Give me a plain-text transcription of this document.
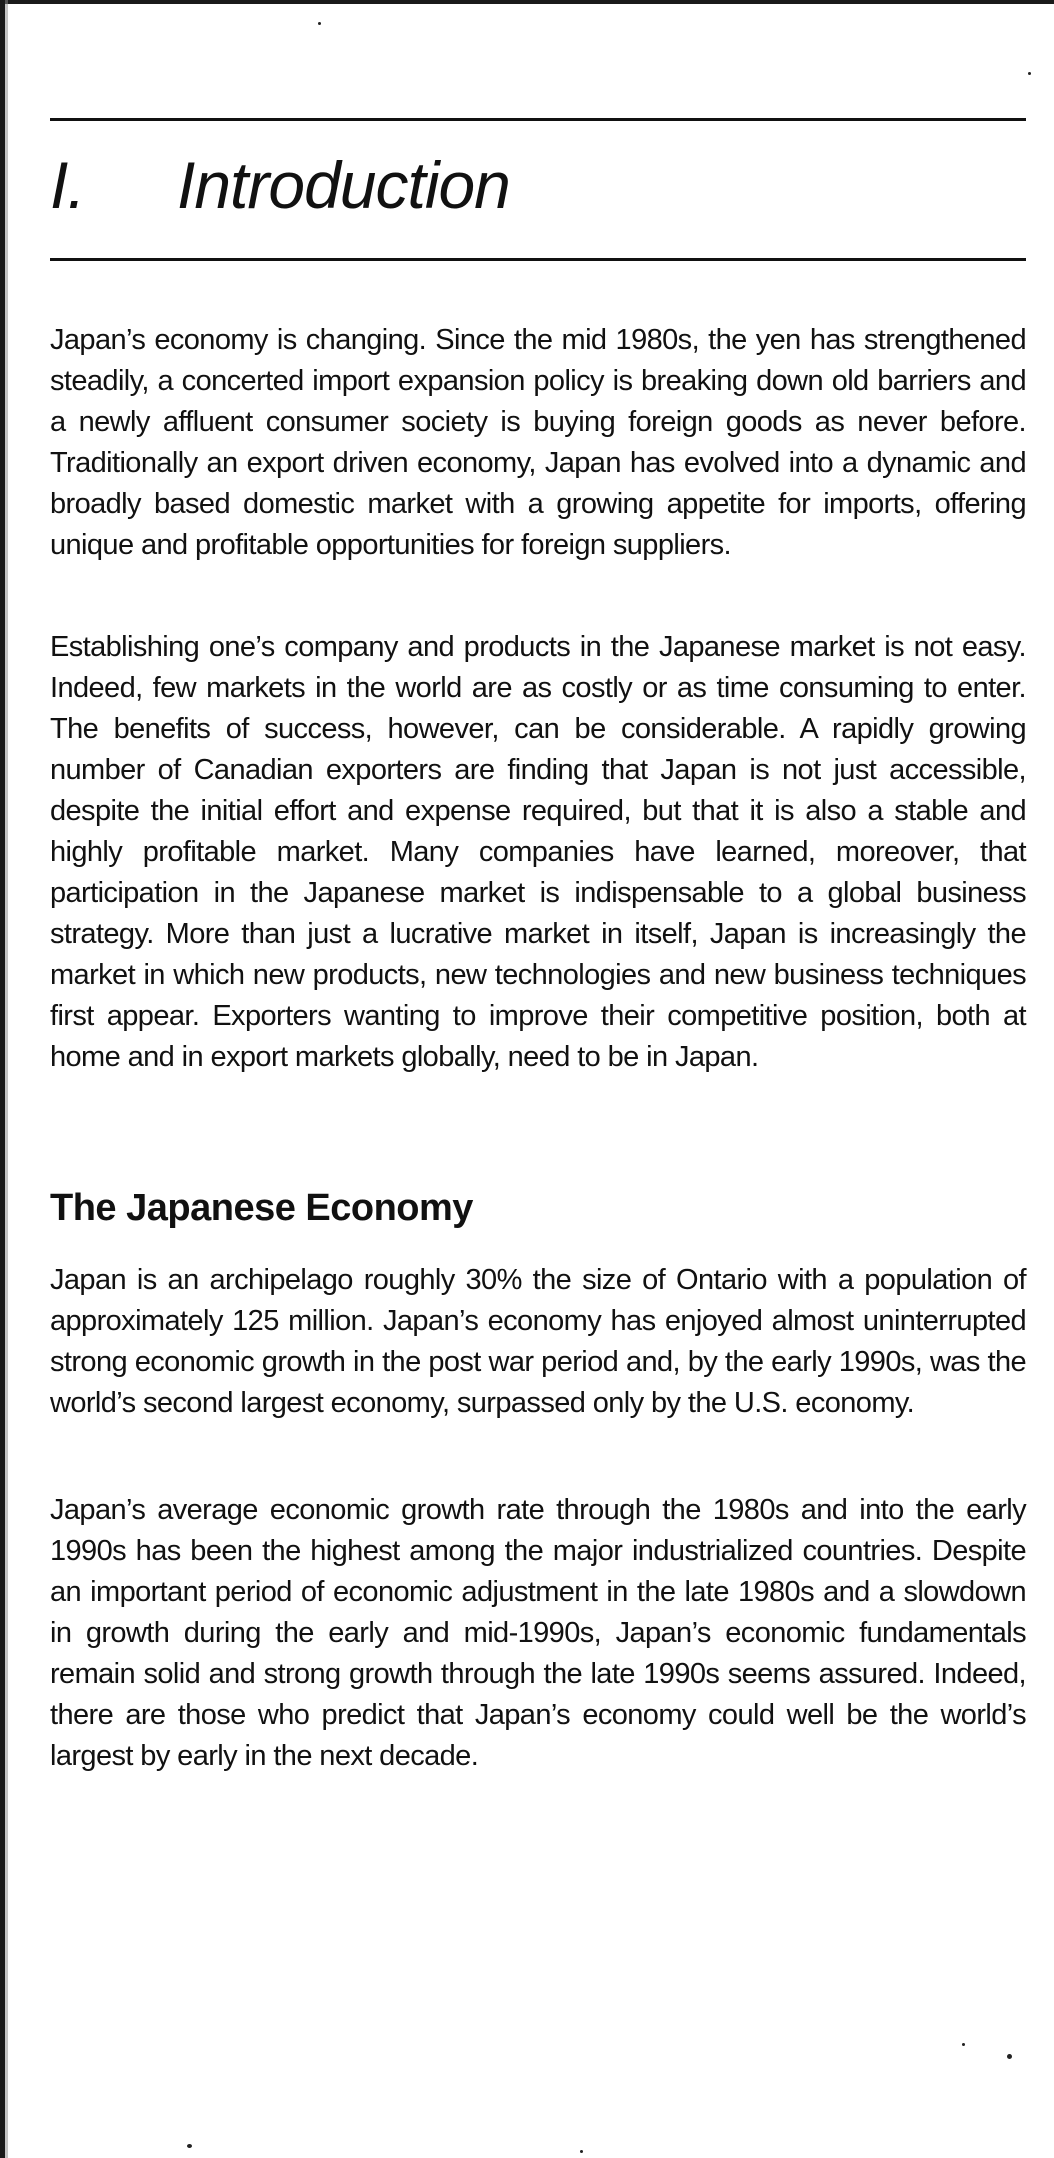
I. Introduction

Japan’s economy is changing. Since the mid 1980s, the yen has strengthened steadily, a concerted import expansion policy is breaking down old barriers and a newly affluent consumer society is buying foreign goods as never before. Traditionally an export driven economy, Japan has evolved into a dynamic and broadly based domestic market with a growing appetite for imports, offering unique and profitable opportunities for foreign suppliers.

Establishing one’s company and products in the Japanese market is not easy. Indeed, few markets in the world are as costly or as time consuming to enter. The benefits of success, however, can be considerable. A rapidly growing number of Canadian exporters are finding that Japan is not just accessible, despite the initial effort and expense required, but that it is also a stable and highly profitable market. Many companies have learned, moreover, that participation in the Japanese market is indispensable to a global business strategy. More than just a lucrative market in itself, Japan is increasingly the market in which new products, new technologies and new business techniques first appear. Exporters wanting to improve their competitive position, both at home and in export markets globally, need to be in Japan.

The Japanese Economy

Japan is an archipelago roughly 30% the size of Ontario with a population of approximately 125 million. Japan’s economy has enjoyed almost uninterrupted strong economic growth in the post war period and, by the early 1990s, was the world’s second largest economy, surpassed only by the U.S. economy.

Japan’s average economic growth rate through the 1980s and into the early 1990s has been the highest among the major industrialized countries. Despite an important period of economic adjustment in the late 1980s and a slowdown in growth during the early and mid-1990s, Japan’s economic fundamentals remain solid and strong growth through the late 1990s seems assured. Indeed, there are those who predict that Japan’s economy could well be the world’s largest by early in the next decade.
